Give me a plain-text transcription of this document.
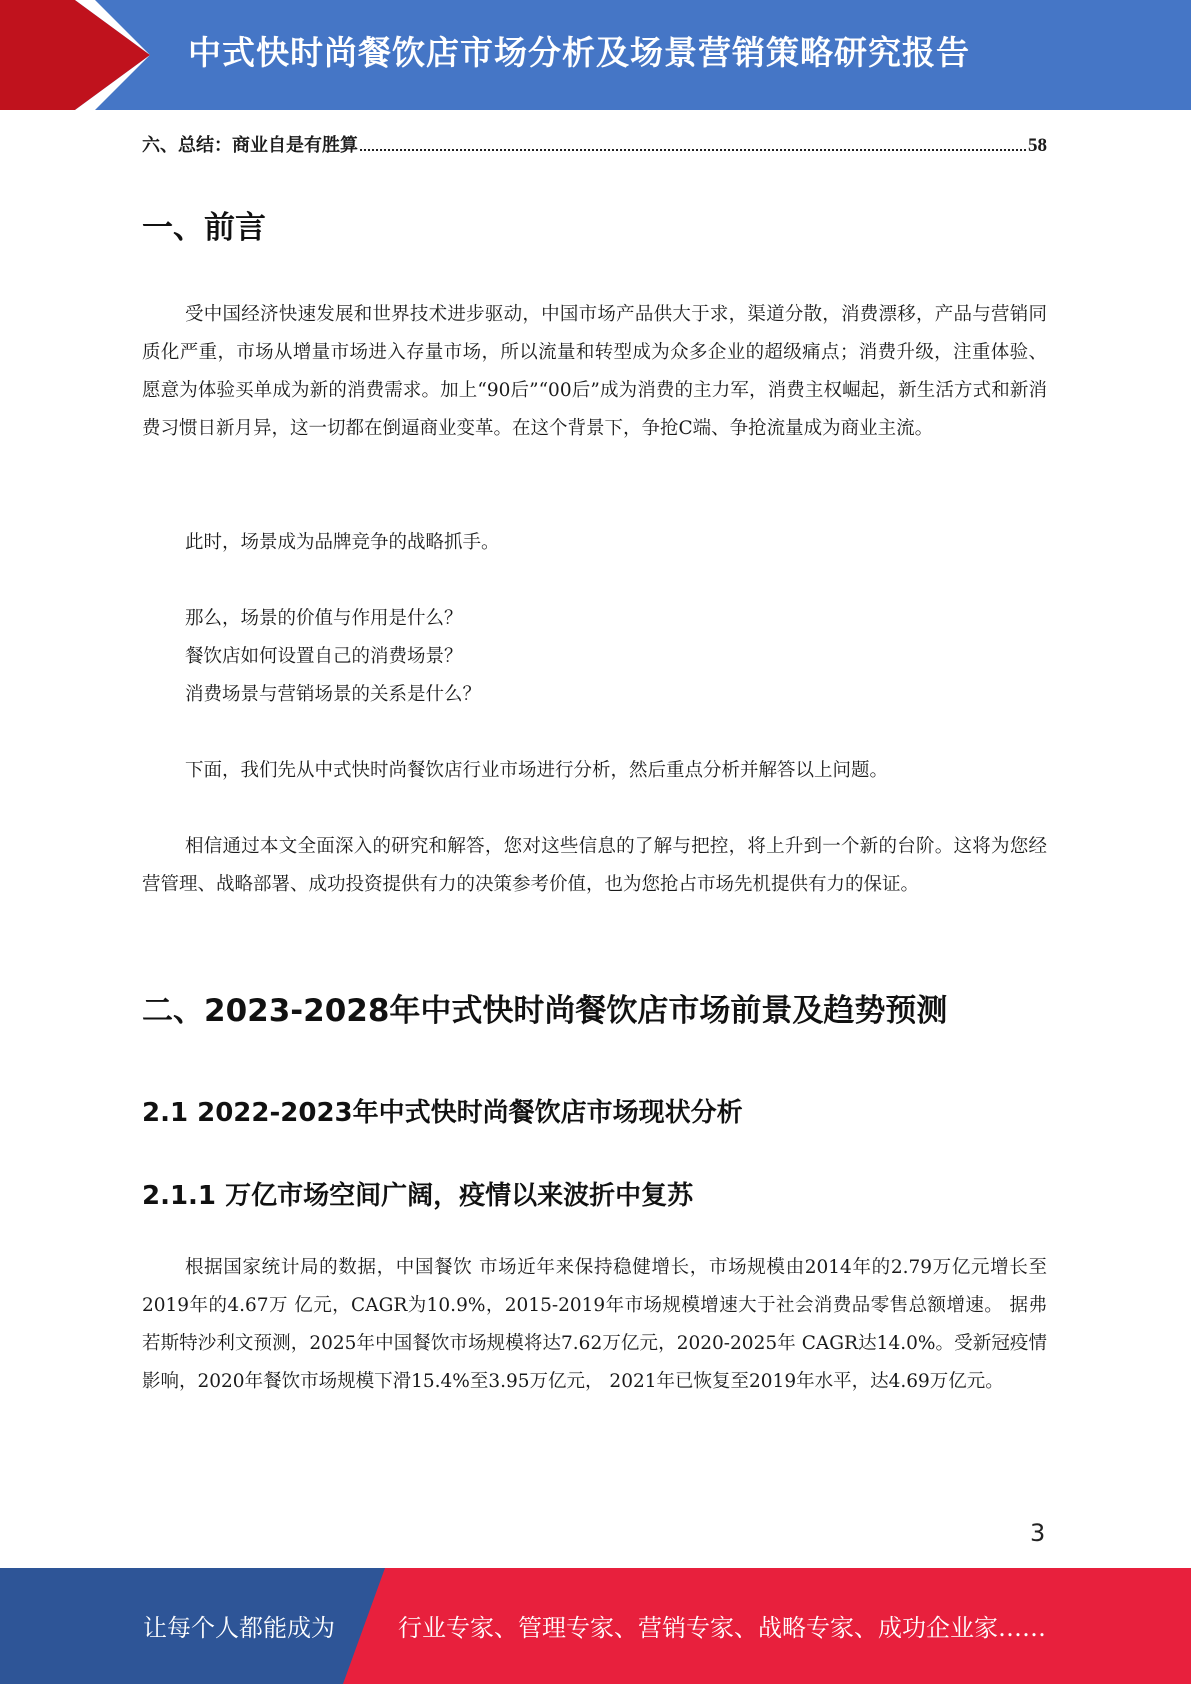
中式快时尚餐饮店市场分析及场景营销策略研究报告
六、总结：商业自是有胜算	58
一、前言

受中国经济快速发展和世界技术进步驱动，中国市场产品供大于求，渠道分散，消费漂移，产品与营销同质化严重，市场从增量市场进入存量市场，所以流量和转型成为众多企业的超级痛点；消费升级，注重体验、愿意为体验买单成为新的消费需求。加上“90后”“00后”成为消费的主力军，消费主权崛起，新生活方式和新消费习惯日新月异，这一切都在倒逼商业变革。在这个背景下，争抢C端、争抢流量成为商业主流。

此时，场景成为品牌竞争的战略抓手。

那么，场景的价值与作用是什么？

餐饮店如何设置自己的消费场景？

消费场景与营销场景的关系是什么？

下面，我们先从中式快时尚餐饮店行业市场进行分析，然后重点分析并解答以上问题。

相信通过本文全面深入的研究和解答，您对这些信息的了解与把控，将上升到一个新的台阶。这将为您经营管理、战略部署、成功投资提供有力的决策参考价值，也为您抢占市场先机提供有力的保证。

二、2023-2028年中式快时尚餐饮店市场前景及趋势预测
2.1 2022-2023年中式快时尚餐饮店市场现状分析
2.1.1 万亿市场空间广阔，疫情以来波折中复苏

根据国家统计局的数据，中国餐饮 市场近年来保持稳健增长，市场规模由2014年的2.79万亿元增长至2019年的4.67万 亿元，CAGR为10.9%，2015-2019年市场规模增速大于社会消费品零售总额增速。 据弗若斯特沙利文预测，2025年中国餐饮市场规模将达7.62万亿元，2020-2025年 CAGR达14.0%。受新冠疫情影响，2020年餐饮市场规模下滑15.4%至3.95万亿元， 2021年已恢复至2019年水平，达4.69万亿元。

3
让每个人都能成为	行业专家、管理专家、营销专家、战略专家、成功企业家……
